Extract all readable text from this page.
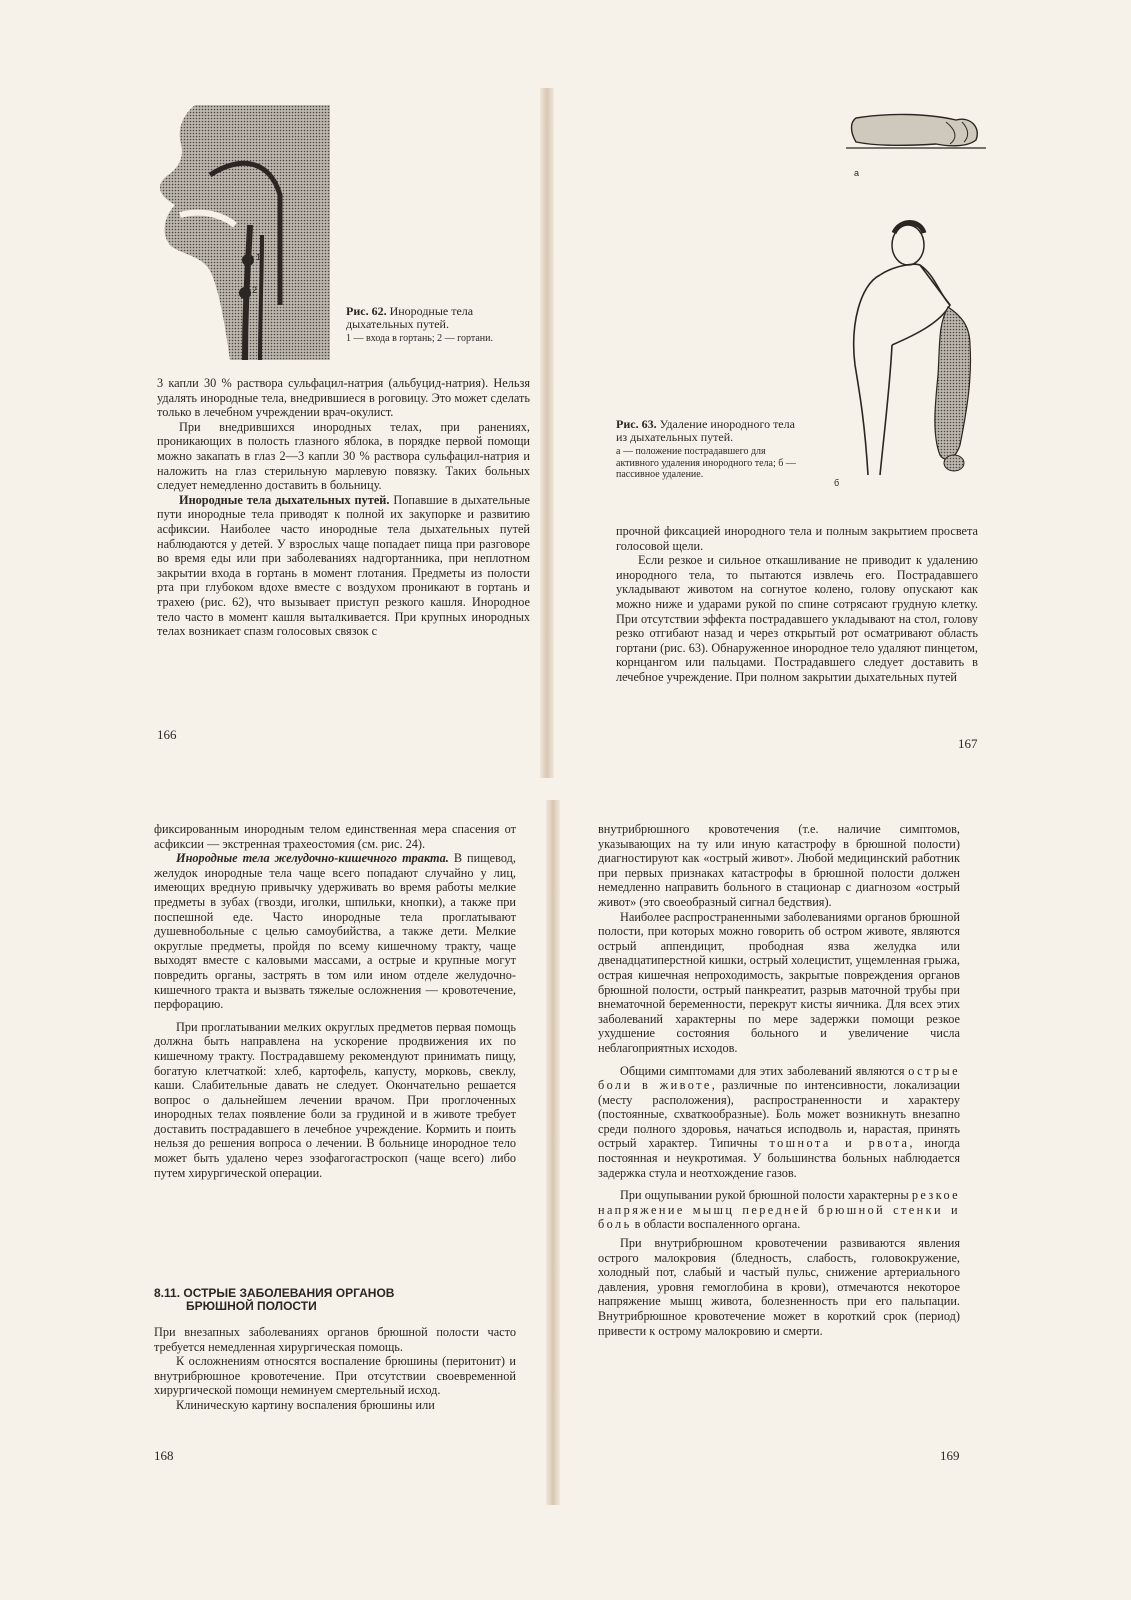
1
2
Рис. 62. Инородные тела дыхательных путей.
1 — входа в гортань; 2 — гортани.

3 капли 30 % раствора сульфацил-натрия (альбуцид-натрия). Нельзя удалять инородные тела, внедрившиеся в роговицу. Это может сделать только в лечебном учреждении врач-окулист.

При внедрившихся инородных телах, при ранениях, проникающих в полость глазного яблока, в порядке первой помощи можно закапать в глаз 2—3 капли 30 % раствора сульфацил-натрия и наложить на глаз стерильную марлевую повязку. Таких больных следует немедленно доставить в больницу.

Инородные тела дыхательных путей. Попавшие в дыхательные пути инородные тела приводят к полной их закупорке и развитию асфиксии. Наиболее часто инородные тела дыхательных путей наблюдаются у детей. У взрослых чаще попадает пища при разговоре во время еды или при заболеваниях надгортанника, при неплотном закрытии входа в гортань в момент глотания. Предметы из полости рта при глубоком вдохе вместе с воздухом проникают в гортань и трахею (рис. 62), что вызывает приступ резкого кашля. Инородное тело часто в момент кашля выталкивается. При крупных инородных телах возникает спазм голосовых связок с

166
а
б
Рис. 63. Удаление инородного тела из дыхательных путей.
а — положение пострадавшего для активного удаления инородного тела; б — пассивное удаление.

прочной фиксацией инородного тела и полным закрытием просвета голосовой щели.

Если резкое и сильное откашливание не приводит к удалению инородного тела, то пытаются извлечь его. Пострадавшего укладывают животом на согнутое колено, голову опускают как можно ниже и ударами рукой по спине сотрясают грудную клетку. При отсутствии эффекта пострадавшего укладывают на стол, голову резко отгибают назад и через открытый рот осматривают область гортани (рис. 63). Обнаруженное инородное тело удаляют пинцетом, корнцангом или пальцами. Пострадавшего следует доставить в лечебное учреждение. При полном закрытии дыхательных путей

167

фиксированным инородным телом единственная мера спасения от асфиксии — экстренная трахеостомия (см. рис. 24).

Инородные тела желудочно-кишечного тракта. В пищевод, желудок инородные тела чаще всего попадают случайно у лиц, имеющих вредную привычку удерживать во время работы мелкие предметы в зубах (гвозди, иголки, шпильки, кнопки), а также при поспешной еде. Часто инородные тела проглатывают душевнобольные с целью самоубийства, а также дети. Мелкие округлые предметы, пройдя по всему кишечному тракту, чаще выходят вместе с каловыми массами, а острые и крупные могут повредить органы, застрять в том или ином отделе желудочно-кишечного тракта и вызвать тяжелые осложнения — кровотечение, перфорацию.

При проглатывании мелких округлых предметов первая помощь должна быть направлена на ускорение продвижения их по кишечному тракту. Пострадавшему рекомендуют принимать пищу, богатую клетчаткой: хлеб, картофель, капусту, морковь, свеклу, каши. Слабительные давать не следует. Окончательно решается вопрос о дальнейшем лечении врачом. При проглоченных инородных телах появление боли за грудиной и в животе требует доставить пострадавшего в лечебное учреждение. Кормить и поить нельзя до решения вопроса о лечении. В больнице инородное тело может быть удалено через эзофагогастроскоп (чаще всего) либо путем хирургической операции.

8.11. ОСТРЫЕ ЗАБОЛЕВАНИЯ ОРГАНОВ
БРЮШНОЙ ПОЛОСТИ

При внезапных заболеваниях органов брюшной полости часто требуется немедленная хирургическая помощь.

К осложнениям относятся воспаление брюшины (перитонит) и внутрибрюшное кровотечение. При отсутствии своевременной хирургической помощи неминуем смертельный исход.

Клиническую картину воспаления брюшины или

168

внутрибрюшного кровотечения (т.е. наличие симптомов, указывающих на ту или иную катастрофу в брюшной полости) диагностируют как «острый живот». Любой медицинский работник при первых признаках катастрофы в брюшной полости должен немедленно направить больного в стационар с диагнозом «острый живот» (это своеобразный сигнал бедствия).

Наиболее распространенными заболеваниями органов брюшной полости, при которых можно говорить об остром животе, являются острый аппендицит, прободная язва желудка или двенадцатиперстной кишки, острый холецистит, ущемленная грыжа, острая кишечная непроходимость, закрытые повреждения органов брюшной полости, острый панкреатит, разрыв маточной трубы при внематочной беременности, перекрут кисты яичника. Для всех этих заболеваний характерны по мере задержки помощи резкое ухудшение состояния больного и увеличение числа неблагоприятных исходов.

Общими симптомами для этих заболеваний являются острые боли в животе, различные по интенсивности, локализации (месту расположения), распространенности и характеру (постоянные, схваткообразные). Боль может возникнуть внезапно среди полного здоровья, начаться исподволь и, нарастая, принять острый характер. Типичны тошнота и рвота, иногда постоянная и неукротимая. У большинства больных наблюдается задержка стула и неотхождение газов.

При ощупывании рукой брюшной полости характерны резкое напряжение мышц передней брюшной стенки и боль в области воспаленного органа.

При внутрибрюшном кровотечении развиваются явления острого малокровия (бледность, слабость, головокружение, холодный пот, слабый и частый пульс, снижение артериального давления, уровня гемоглобина в крови), отмечаются некоторое напряжение мышц живота, болезненность при его пальпации. Внутрибрюшное кровотечение может в короткий срок (период) привести к острому малокровию и смерти.

169
